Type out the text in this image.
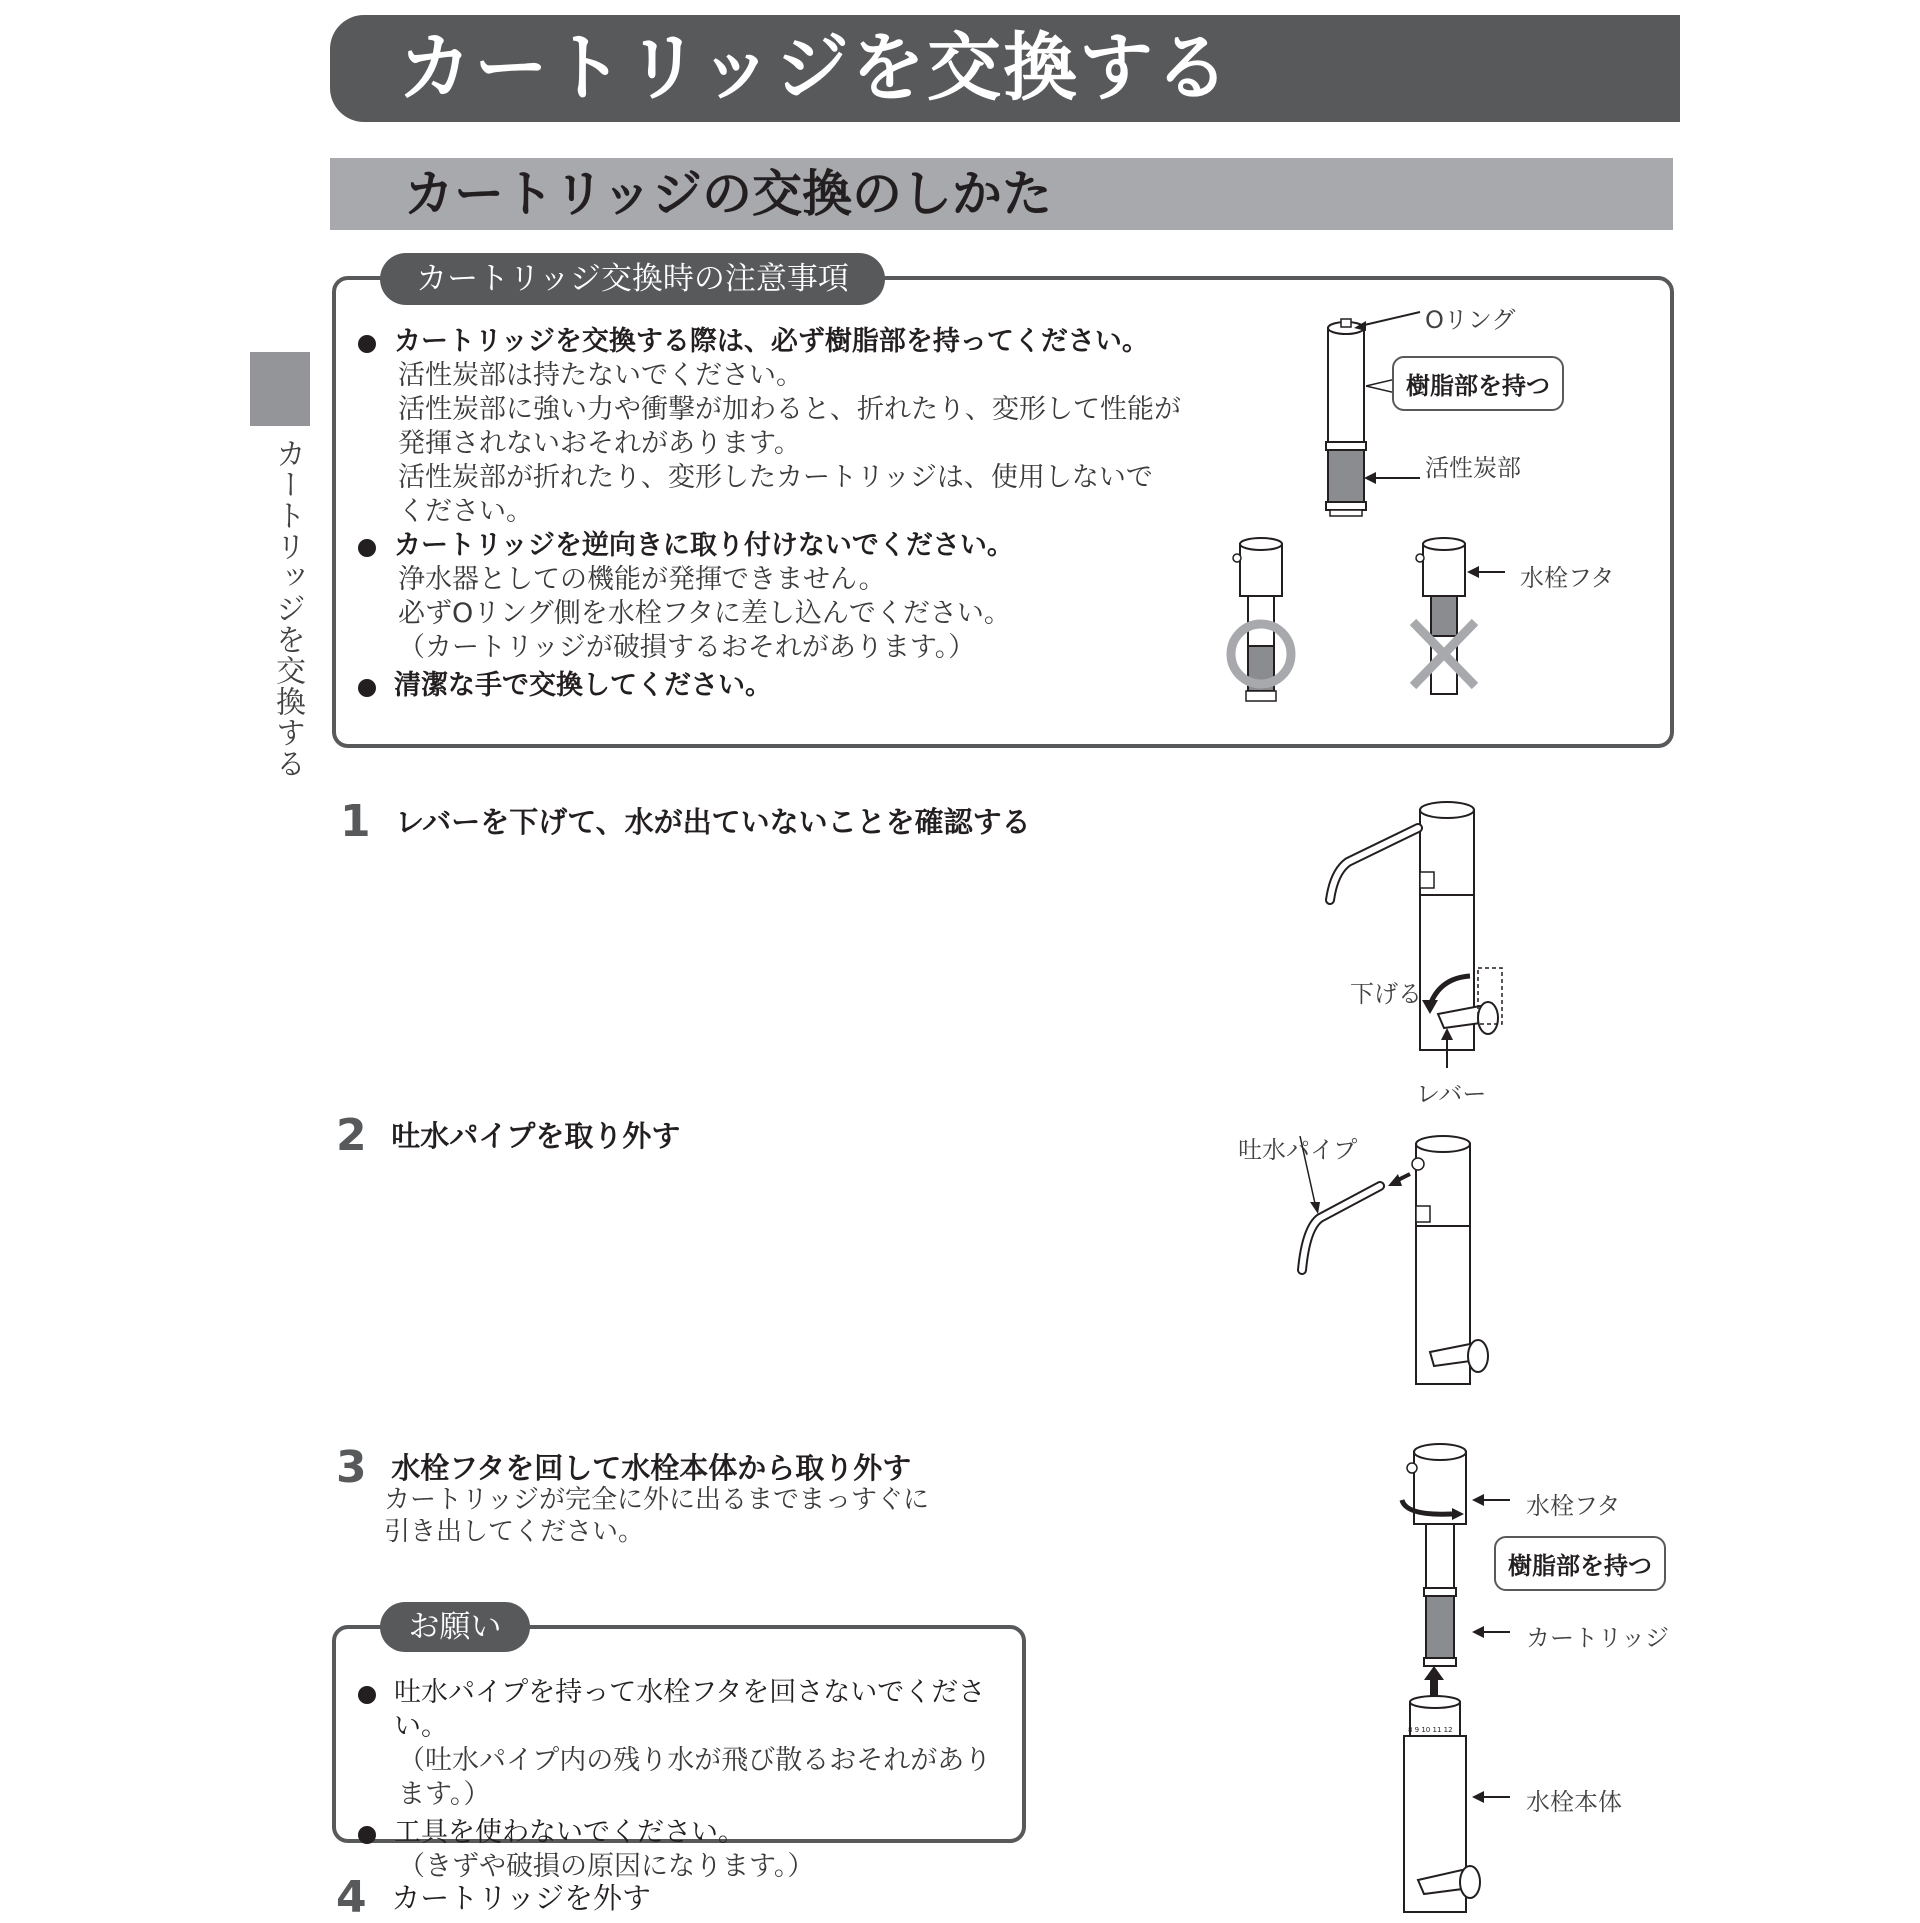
カートリッジを交換する
カートリッジの交換のしかた
カートリッジを交換する
カートリッジ交換時の注意事項
カートリッジを交換する際は、必ず樹脂部を持ってください。
活性炭部は持たないでください。
活性炭部に強い力や衝撃が加わると、折れたり、変形して性能が
発揮されないおそれがあります。
活性炭部が折れたり、変形したカートリッジは、使用しないで
ください。
カートリッジを逆向きに取り付けないでください。
浄水器としての機能が発揮できません。
必ずOリング側を水栓フタに差し込んでください。
（カートリッジが破損するおそれがあります。）
清潔な手で交換してください。
Oリング
樹脂部を持つ
活性炭部
水栓フタ
1 レバーを下げて、水が出ていないことを確認する
下げる
レバー
2 吐水パイプを取り外す	吐水パイプ
3 水栓フタを回して水栓本体から取り外す
カートリッジが完全に外に出るまでまっすぐに
引き出してください。
お願い
吐水パイプを持って水栓フタを回さないでください。
（吐水パイプ内の残り水が飛び散るおそれがあります。）
工具を使わないでください。
（きずや破損の原因になります。）
8 9 10 11 12
水栓フタ
樹脂部を持つ
カートリッジ
水栓本体
4 カートリッジを外す
